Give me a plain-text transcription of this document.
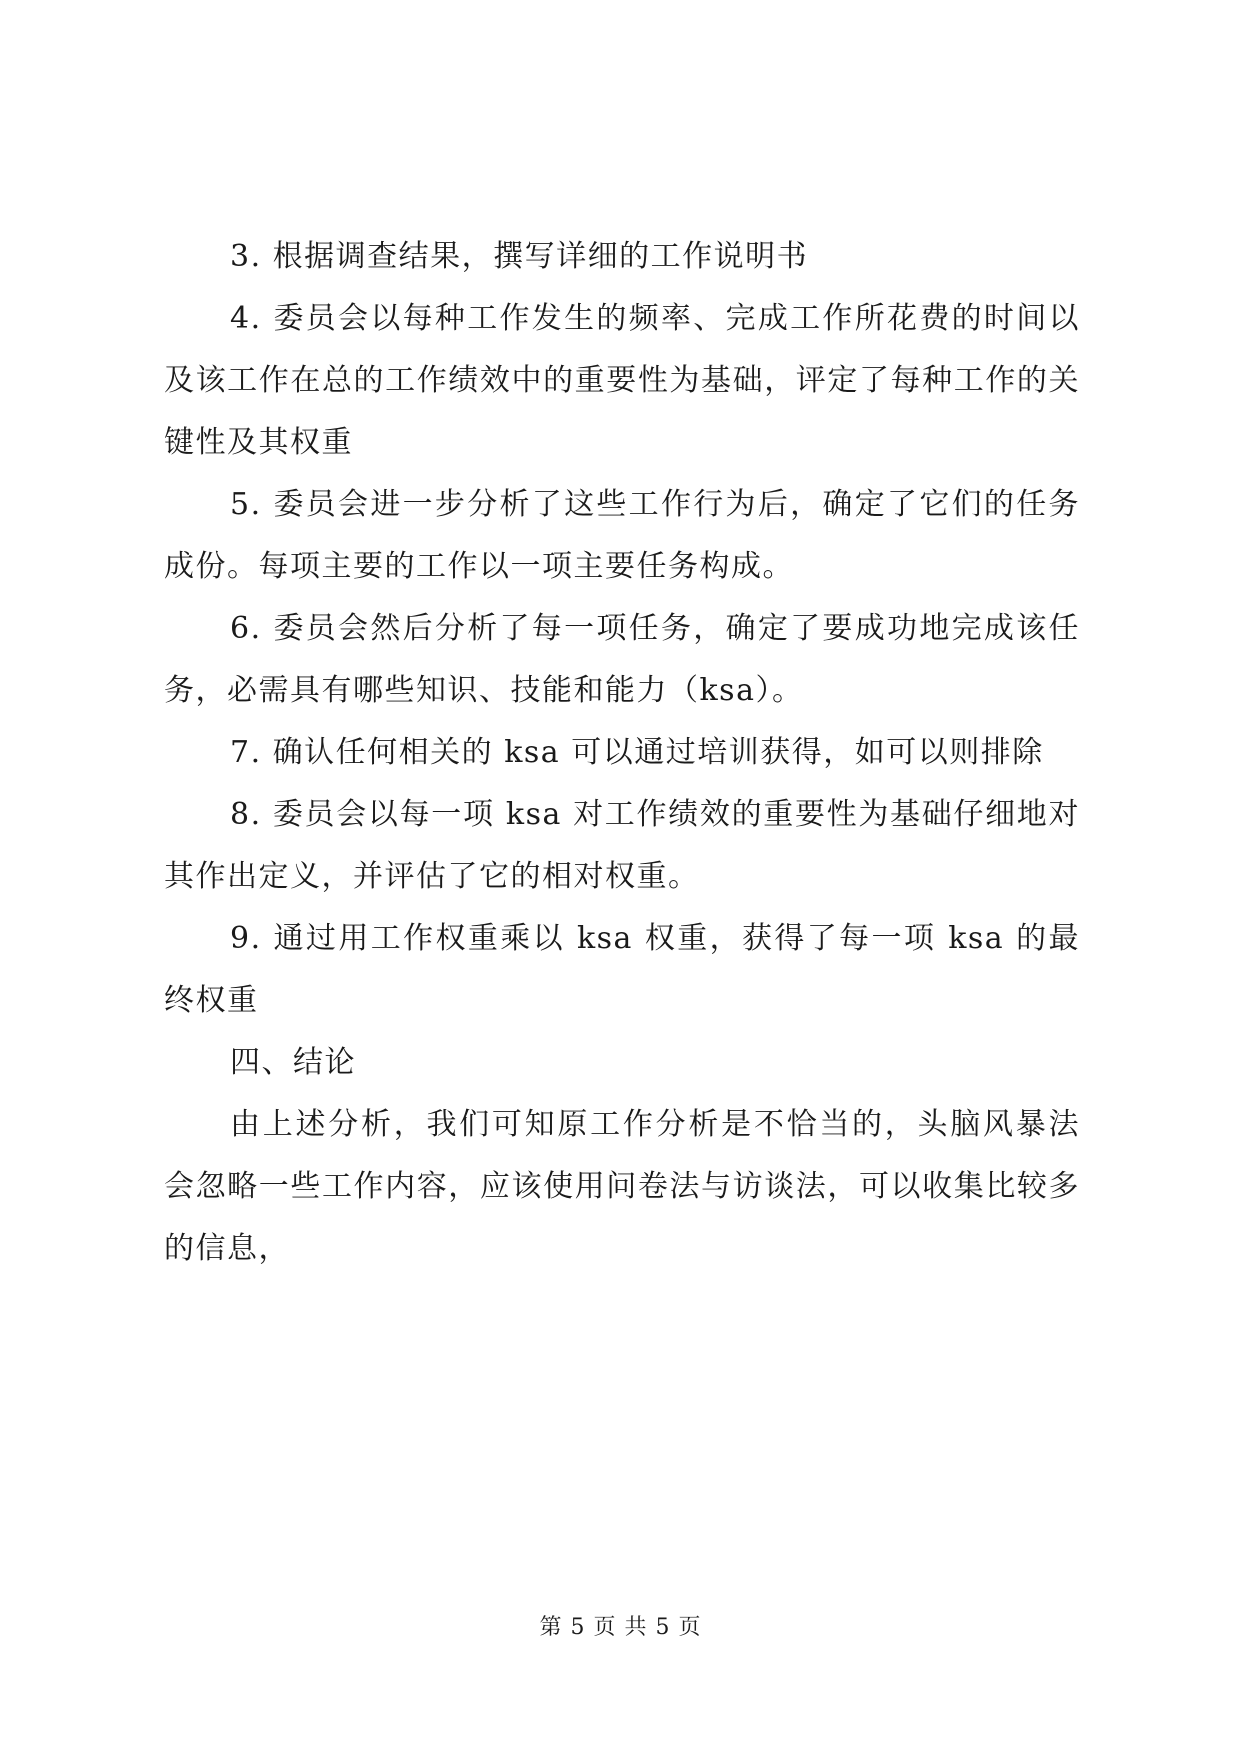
3. 根据调查结果，撰写详细的工作说明书

4. 委员会以每种工作发生的频率、完成工作所花费的时间以及该工作在总的工作绩效中的重要性为基础，评定了每种工作的关键性及其权重

5. 委员会进一步分析了这些工作行为后，确定了它们的任务成份。每项主要的工作以一项主要任务构成。

6. 委员会然后分析了每一项任务，确定了要成功地完成该任务，必需具有哪些知识、技能和能力（ksa）。

7. 确认任何相关的 ksa 可以通过培训获得，如可以则排除

8. 委员会以每一项 ksa 对工作绩效的重要性为基础仔细地对其作出定义，并评估了它的相对权重。

9. 通过用工作权重乘以 ksa 权重，获得了每一项 ksa 的最终权重

四、结论

由上述分析，我们可知原工作分析是不恰当的，头脑风暴法会忽略一些工作内容，应该使用问卷法与访谈法，可以收集比较多的信息，

第 5 页 共 5 页
